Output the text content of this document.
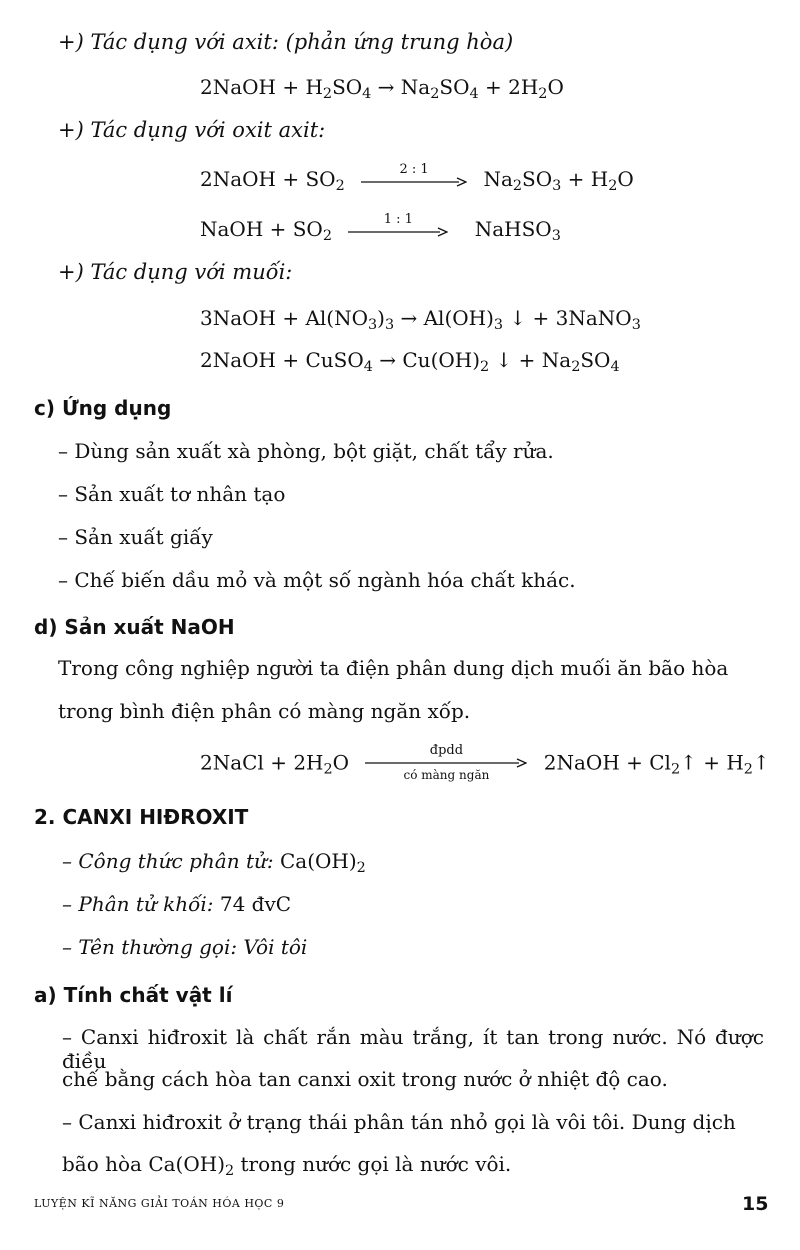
+) Tác dụng với axit: (phản ứng trung hòa)
2NaOH + $H_2SO_4 \to Na_2SO_4 + 2H_2O$
+) Tác dụng với oxit axit:
2NaOH + $SO_2$
2 : 1	$Na_2SO_3 + H_2O$
NaOH + $SO_2$
1 : 1	NaHSO$_3$
+) Tác dụng với muối:
3NaOH + $Al(NO_3)_3 \to Al(OH)_3$ ↓ + 3NaNO$_3$
2NaOH + CuSO$_4$ → $Cu(OH)_2$ ↓ + $Na_2SO_4$
c) Ứng dụng
– Dùng sản xuất xà phòng, bột giặt, chất tẩy rửa.
– Sản xuất tơ nhân tạo
– Sản xuất giấy
– Chế biến dầu mỏ và một số ngành hóa chất khác.
d) Sản xuất NaOH
Trong công nghiệp người ta điện phân dung dịch muối ăn bão hòa
trong bình điện phân có màng ngăn xốp.
2NaCl + $2H_2O$	đpdd
có màng ngăn
2NaOH + $Cl_2↑$ + $H_2↑$
2. CANXI HIĐROXIT
– Công thức phân tử: $Ca(OH)_2$
– Phân tử khối: 74 đvC
– Tên thường gọi: Vôi tôi
a) Tính chất vật lí
– Canxi hiđroxit là chất rắn màu trắng, ít tan trong nước. Nó được điều
chế bằng cách hòa tan canxi oxit trong nước ở nhiệt độ cao.
– Canxi hiđroxit ở trạng thái phân tán nhỏ gọi là vôi tôi. Dung dịch
bão hòa $Ca(OH)_2$ trong nước gọi là nước vôi.
LUYỆN KĨ NĂNG GIẢI TOÁN HÓA HỌC 9	15
